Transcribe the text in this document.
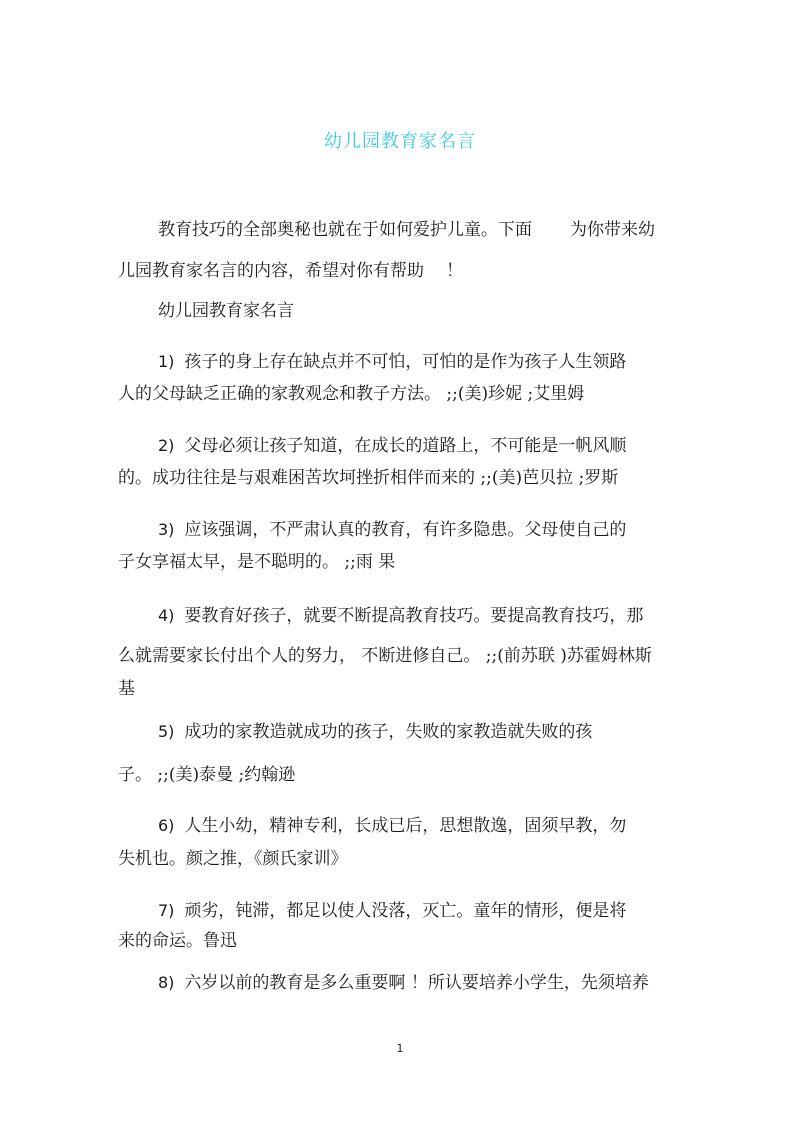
幼儿园教育家名言
教育技巧的全部奥秘也就在于如何爱护儿童。下面 为你带来幼
儿园教育家名言的内容，希望对你有帮助 ！
幼儿园教育家名言
1) 孩子的身上存在缺点并不可怕，可怕的是作为孩子人生领路
人的父母缺乏正确的家教观念和教子方法。 ;;(美)珍妮 ;艾里姆
2) 父母必须让孩子知道，在成长的道路上，不可能是一帆风顺
的。成功往往是与艰难困苦坎坷挫折相伴而来的 ;;(美)芭贝拉 ;罗斯
3) 应该强调，不严肃认真的教育，有许多隐患。父母使自己的
子女享福太早，是不聪明的。 ;;雨 果
4) 要教育好孩子，就要不断提高教育技巧。要提高教育技巧，那
么就需要家长付出个人的努力， 不断进修自己。 ;;(前苏联 )苏霍姆林斯
基
5) 成功的家教造就成功的孩子，失败的家教造就失败的孩
子。 ;;(美)泰曼 ;约翰逊
6) 人生小幼，精神专利，长成已后，思想散逸，固须早教，勿
失机也。颜之推，《颜氏家训》
7) 顽劣，钝滞，都足以使人没落，灭亡。童年的情形，便是将
来的命运。鲁迅
8) 六岁以前的教育是多么重要啊 ！所认要培养小学生，先须培养
1
